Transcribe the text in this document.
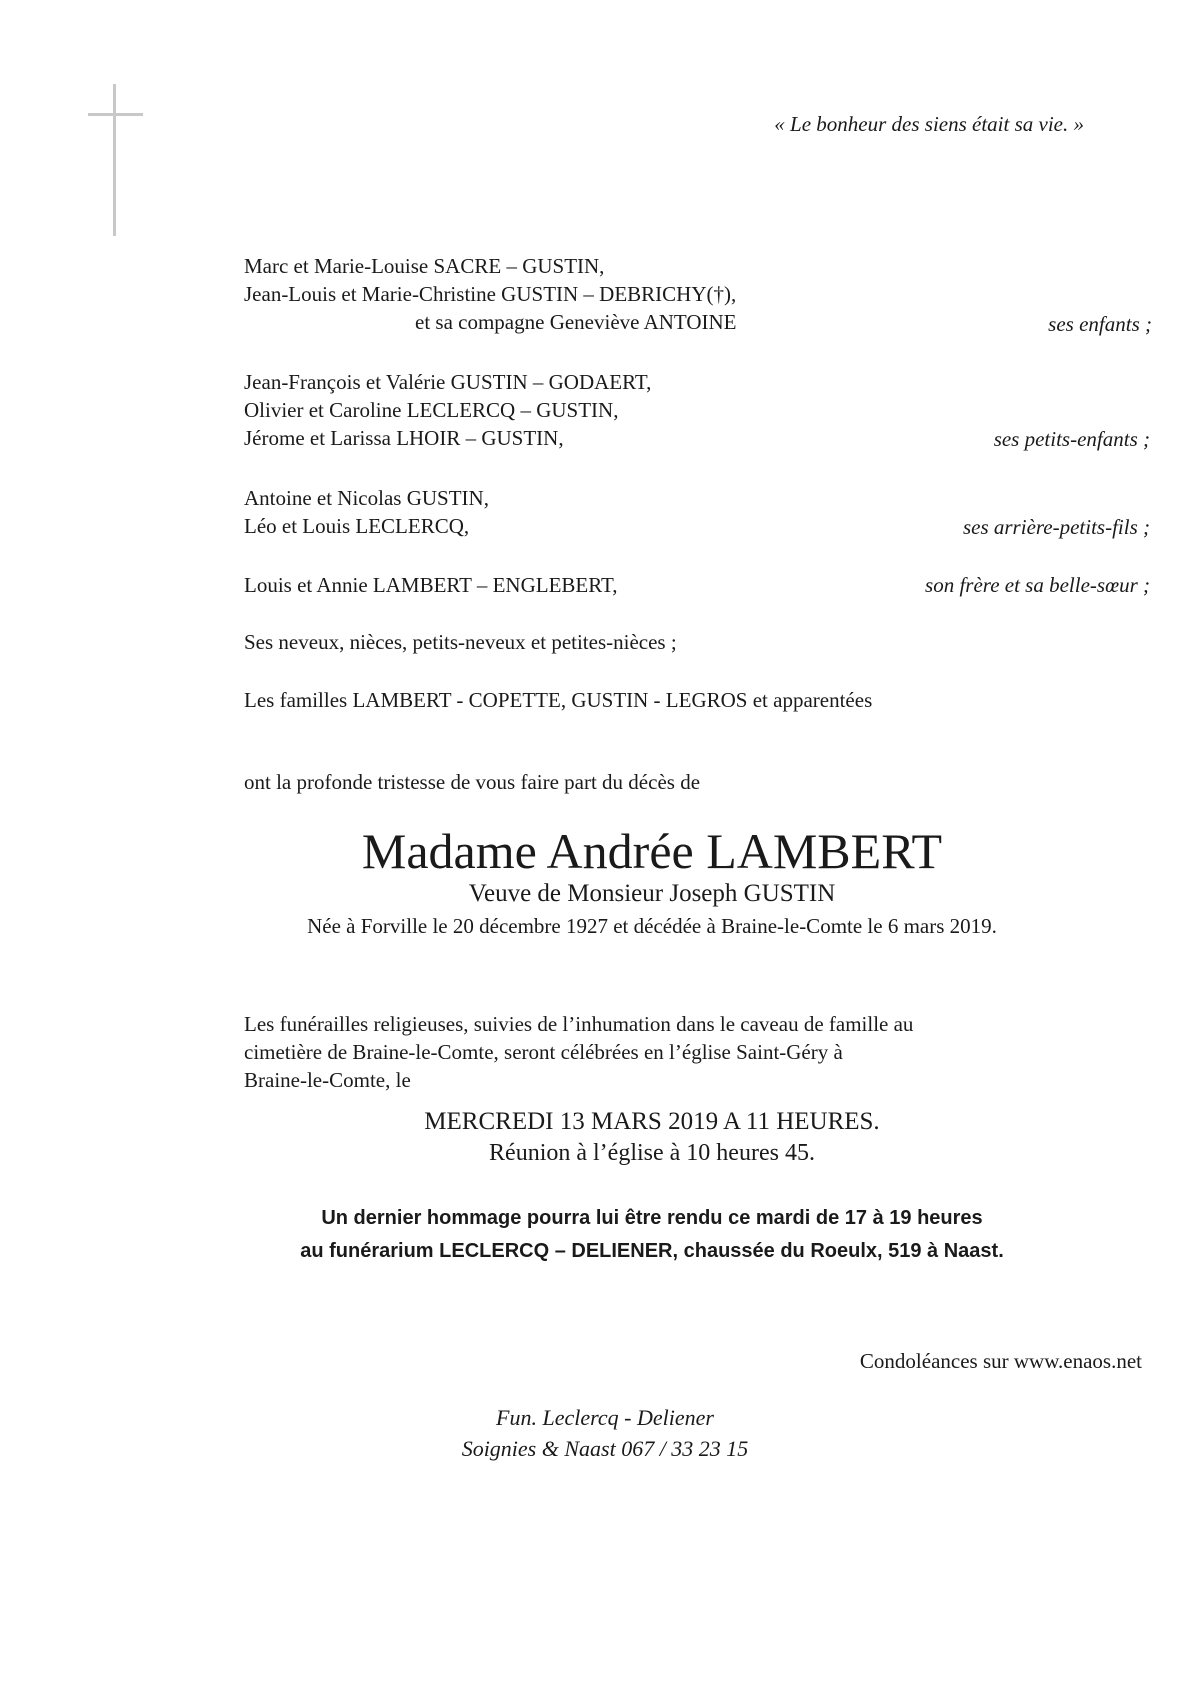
« Le bonheur des siens était sa vie. »
Marc et Marie-Louise SACRE – GUSTIN,
Jean-Louis et Marie-Christine GUSTIN – DEBRICHY(†),
et sa compagne Geneviève ANTOINE	ses enfants ;
Jean-François et Valérie GUSTIN – GODAERT,
Olivier et Caroline LECLERCQ – GUSTIN,
Jérome et Larissa LHOIR – GUSTIN,	ses petits-enfants ;
Antoine et Nicolas GUSTIN,
Léo et Louis LECLERCQ,	ses arrière-petits-fils ;
Louis et Annie LAMBERT – ENGLEBERT,	son frère et sa belle-sœur ;
Ses neveux, nièces, petits-neveux et petites-nièces ;
Les familles LAMBERT - COPETTE, GUSTIN - LEGROS et apparentées
ont la profonde tristesse de vous faire part du décès de
Madame Andrée LAMBERT
Veuve de Monsieur Joseph GUSTIN
Née à Forville le 20 décembre 1927 et décédée à Braine-le-Comte le 6 mars 2019.
Les funérailles religieuses, suivies de l’inhumation dans le caveau de famille au
cimetière de Braine-le-Comte, seront célébrées en l’église Saint-Géry à
Braine-le-Comte, le
MERCREDI 13 MARS 2019 A 11 HEURES.
Réunion à l’église à 10 heures 45.
Un dernier hommage pourra lui être rendu ce mardi de 17 à 19 heures
au funérarium LECLERCQ – DELIENER, chaussée du Roeulx, 519 à Naast.
Condoléances sur www.enaos.net
Fun. Leclercq - Deliener
Soignies & Naast 067 / 33 23 15
